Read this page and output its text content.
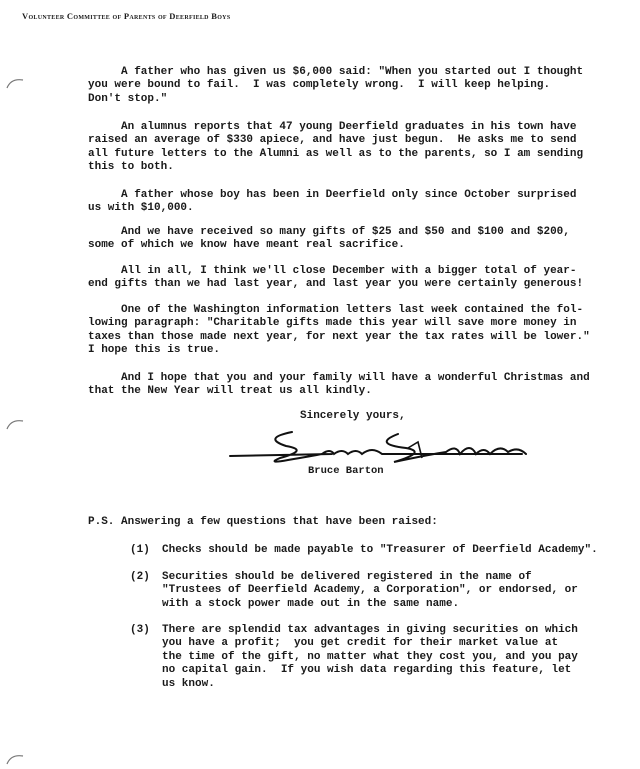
Volunteer Committee of Parents of Deerfield Boys
A father who has given us $6,000 said: "When you started out I thought
you were bound to fail.  I was completely wrong.  I will keep helping.
Don't stop."
An alumnus reports that 47 young Deerfield graduates in his town have
raised an average of $330 apiece, and have just begun.  He asks me to send
all future letters to the Alumni as well as to the parents, so I am sending
this to both.
A father whose boy has been in Deerfield only since October surprised
us with $10,000.
And we have received so many gifts of $25 and $50 and $100 and $200,
some of which we know have meant real sacrifice.
All in all, I think we'll close December with a bigger total of year-
end gifts than we had last year, and last year you were certainly generous!
One of the Washington information letters last week contained the fol-
lowing paragraph: "Charitable gifts made this year will save more money in
taxes than those made next year, for next year the tax rates will be lower."
I hope this is true.
And I hope that you and your family will have a wonderful Christmas and
that the New Year will treat us all kindly.
Sincerely yours,
Bruce Barton
P.S. Answering a few questions that have been raised:
(1) Checks should be made payable to "Treasurer of Deerfield Academy".
(2) Securities should be delivered registered in the name of
"Trustees of Deerfield Academy, a Corporation", or endorsed, or
with a stock power made out in the same name.
(3) There are splendid tax advantages in giving securities on which
you have a profit;  you get credit for their market value at
the time of the gift, no matter what they cost you, and you pay
no capital gain.  If you wish data regarding this feature, let
us know.
